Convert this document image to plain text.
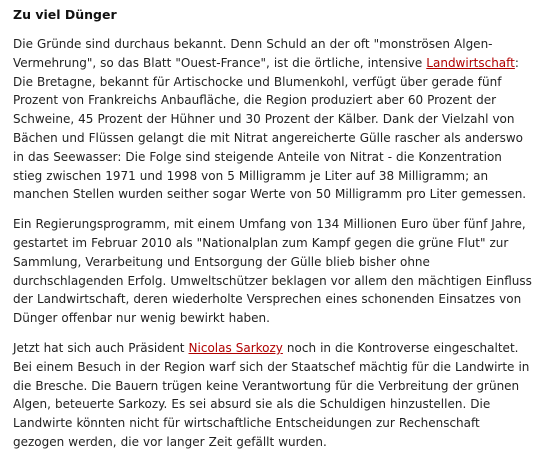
Zu viel Dünger

Die Gründe sind durchaus bekannt. Denn Schuld an der oft "monströsen Algen-Vermehrung", so das Blatt "Ouest-France", ist die örtliche, intensive Landwirtschaft: Die Bretagne, bekannt für Artischocke und Blumenkohl, verfügt über gerade fünf Prozent von Frankreichs Anbaufläche, die Region produziert aber 60 Prozent der Schweine, 45 Prozent der Hühner und 30 Prozent der Kälber. Dank der Vielzahl von Bächen und Flüssen gelangt die mit Nitrat angereicherte Gülle rascher als anderswo in das Seewasser: Die Folge sind steigende Anteile von Nitrat - die Konzentration stieg zwischen 1971 und 1998 von 5 Milligramm je Liter auf 38 Milligramm; an manchen Stellen wurden seither sogar Werte von 50 Milligramm pro Liter gemessen.

Ein Regierungsprogramm, mit einem Umfang von 134 Millionen Euro über fünf Jahre, gestartet im Februar 2010 als "Nationalplan zum Kampf gegen die grüne Flut" zur Sammlung, Verarbeitung und Entsorgung der Gülle blieb bisher ohne durchschlagenden Erfolg. Umweltschützer beklagen vor allem den mächtigen Einfluss der Landwirtschaft, deren wiederholte Versprechen eines schonenden Einsatzes von Dünger offenbar nur wenig bewirkt haben.

Jetzt hat sich auch Präsident Nicolas Sarkozy noch in die Kontroverse eingeschaltet. Bei einem Besuch in der Region warf sich der Staatschef mächtig für die Landwirte in die Bresche. Die Bauern trügen keine Verantwortung für die Verbreitung der grünen Algen, beteuerte Sarkozy. Es sei absurd sie als die Schuldigen hinzustellen. Die Landwirte könnten nicht für wirtschaftliche Entscheidungen zur Rechenschaft gezogen werden, die vor langer Zeit gefällt wurden.
